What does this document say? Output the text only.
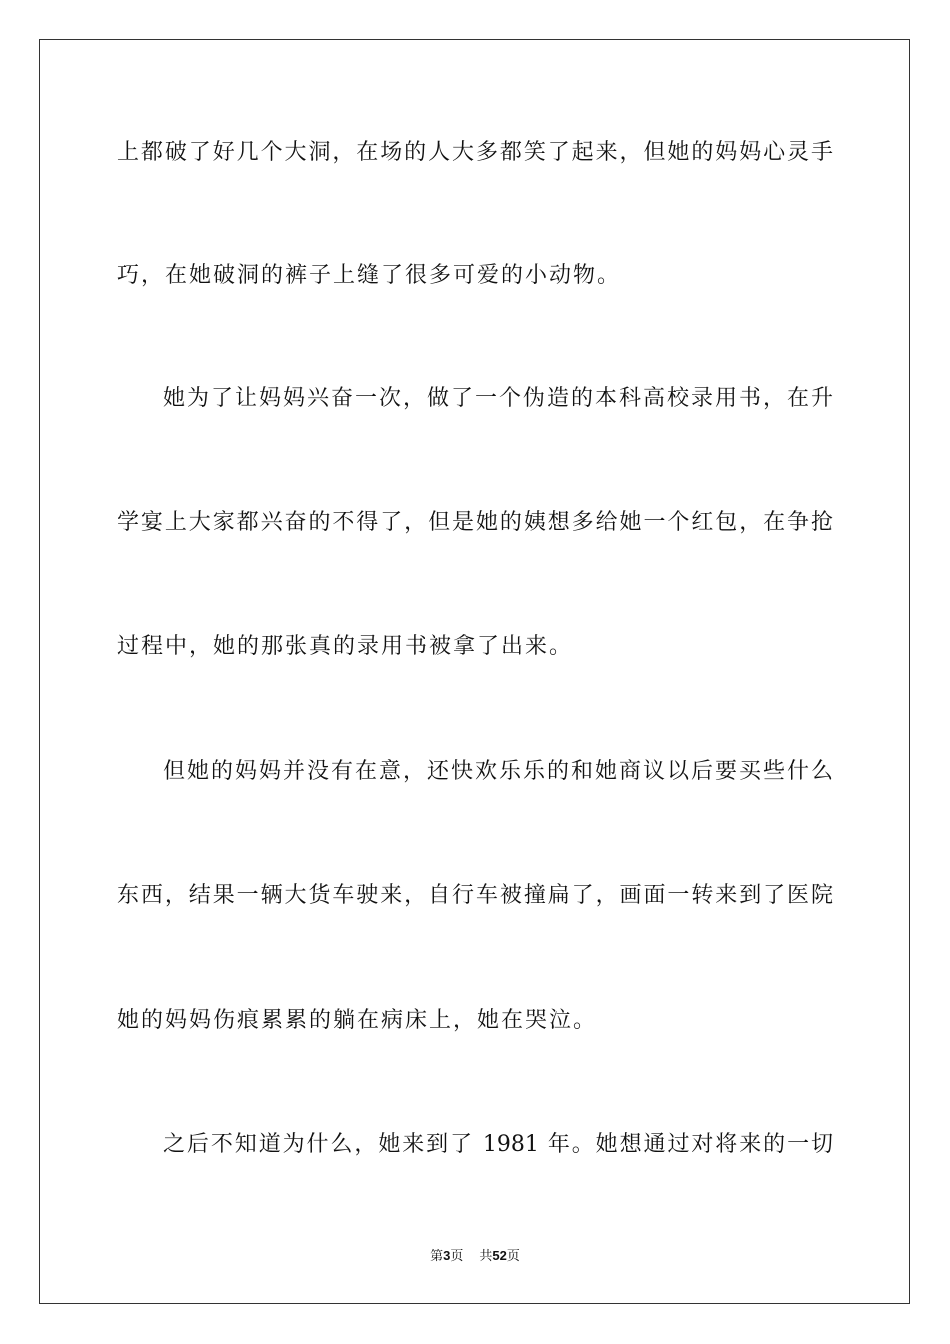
上都破了好几个大洞，在场的人大多都笑了起来，但她的妈妈心灵手
巧，在她破洞的裤子上缝了很多可爱的小动物。
她为了让妈妈兴奋一次，做了一个伪造的本科高校录用书，在升
学宴上大家都兴奋的不得了，但是她的姨想多给她一个红包，在争抢
过程中，她的那张真的录用书被拿了出来。
但她的妈妈并没有在意，还快欢乐乐的和她商议以后要买些什么
东西，结果一辆大货车驶来，自行车被撞扁了，画面一转来到了医院
她的妈妈伤痕累累的躺在病床上，她在哭泣。
之后不知道为什么，她来到了 1981 年。她想通过对将来的一切
第3页 共52页
